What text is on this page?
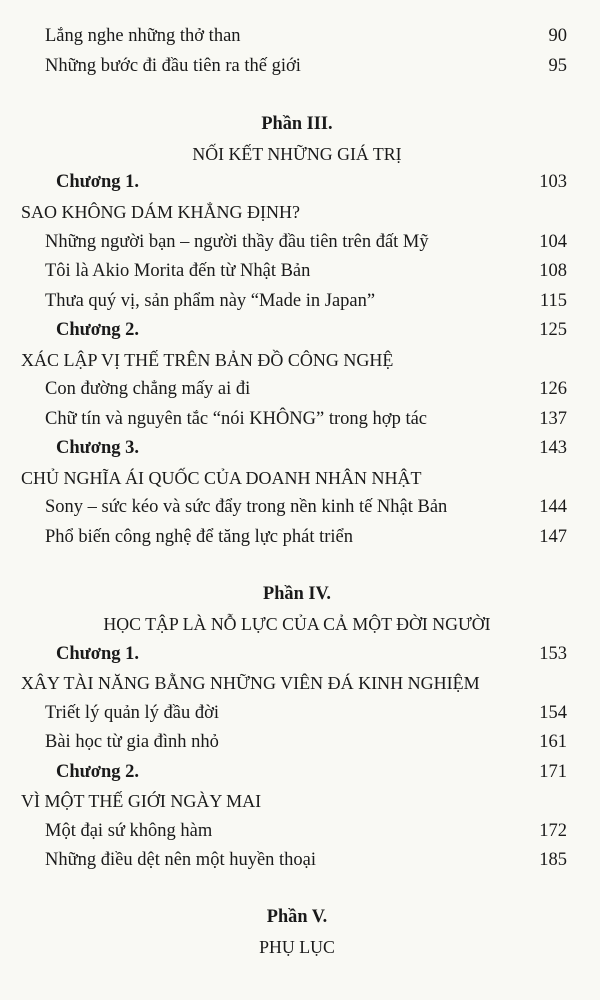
Lắng nghe những thở than	90
Những bước đi đầu tiên ra thế giới	95
Phần III.
NỐI KẾT NHỮNG GIÁ TRỊ
Chương 1.	103
SAO KHÔNG DÁM KHẲNG ĐỊNH?
Những người bạn – người thầy đầu tiên trên đất Mỹ	104
Tôi là Akio Morita đến từ Nhật Bản	108
Thưa quý vị, sản phẩm này “Made in Japan”	115
Chương 2.	125
XÁC LẬP VỊ THẾ TRÊN BẢN ĐỒ CÔNG NGHỆ
Con đường chẳng mấy ai đi	126
Chữ tín và nguyên tắc “nói KHÔNG” trong hợp tác	137
Chương 3.	143
CHỦ NGHĨA ÁI QUỐC CỦA DOANH NHÂN NHẬT
Sony – sức kéo và sức đẩy trong nền kinh tế Nhật Bản	144
Phổ biến công nghệ để tăng lực phát triển	147
Phần IV.
HỌC TẬP LÀ NỖ LỰC CỦA CẢ MỘT ĐỜI NGƯỜI
Chương 1.	153
XÂY TÀI NĂNG BẰNG NHỮNG VIÊN ĐÁ KINH NGHIỆM
Triết lý quản lý đầu đời	154
Bài học từ gia đình nhỏ	161
Chương 2.	171
VÌ MỘT THẾ GIỚI NGÀY MAI
Một đại sứ không hàm	172
Những điều dệt nên một huyền thoại	185
Phần V.
PHỤ LỤC
